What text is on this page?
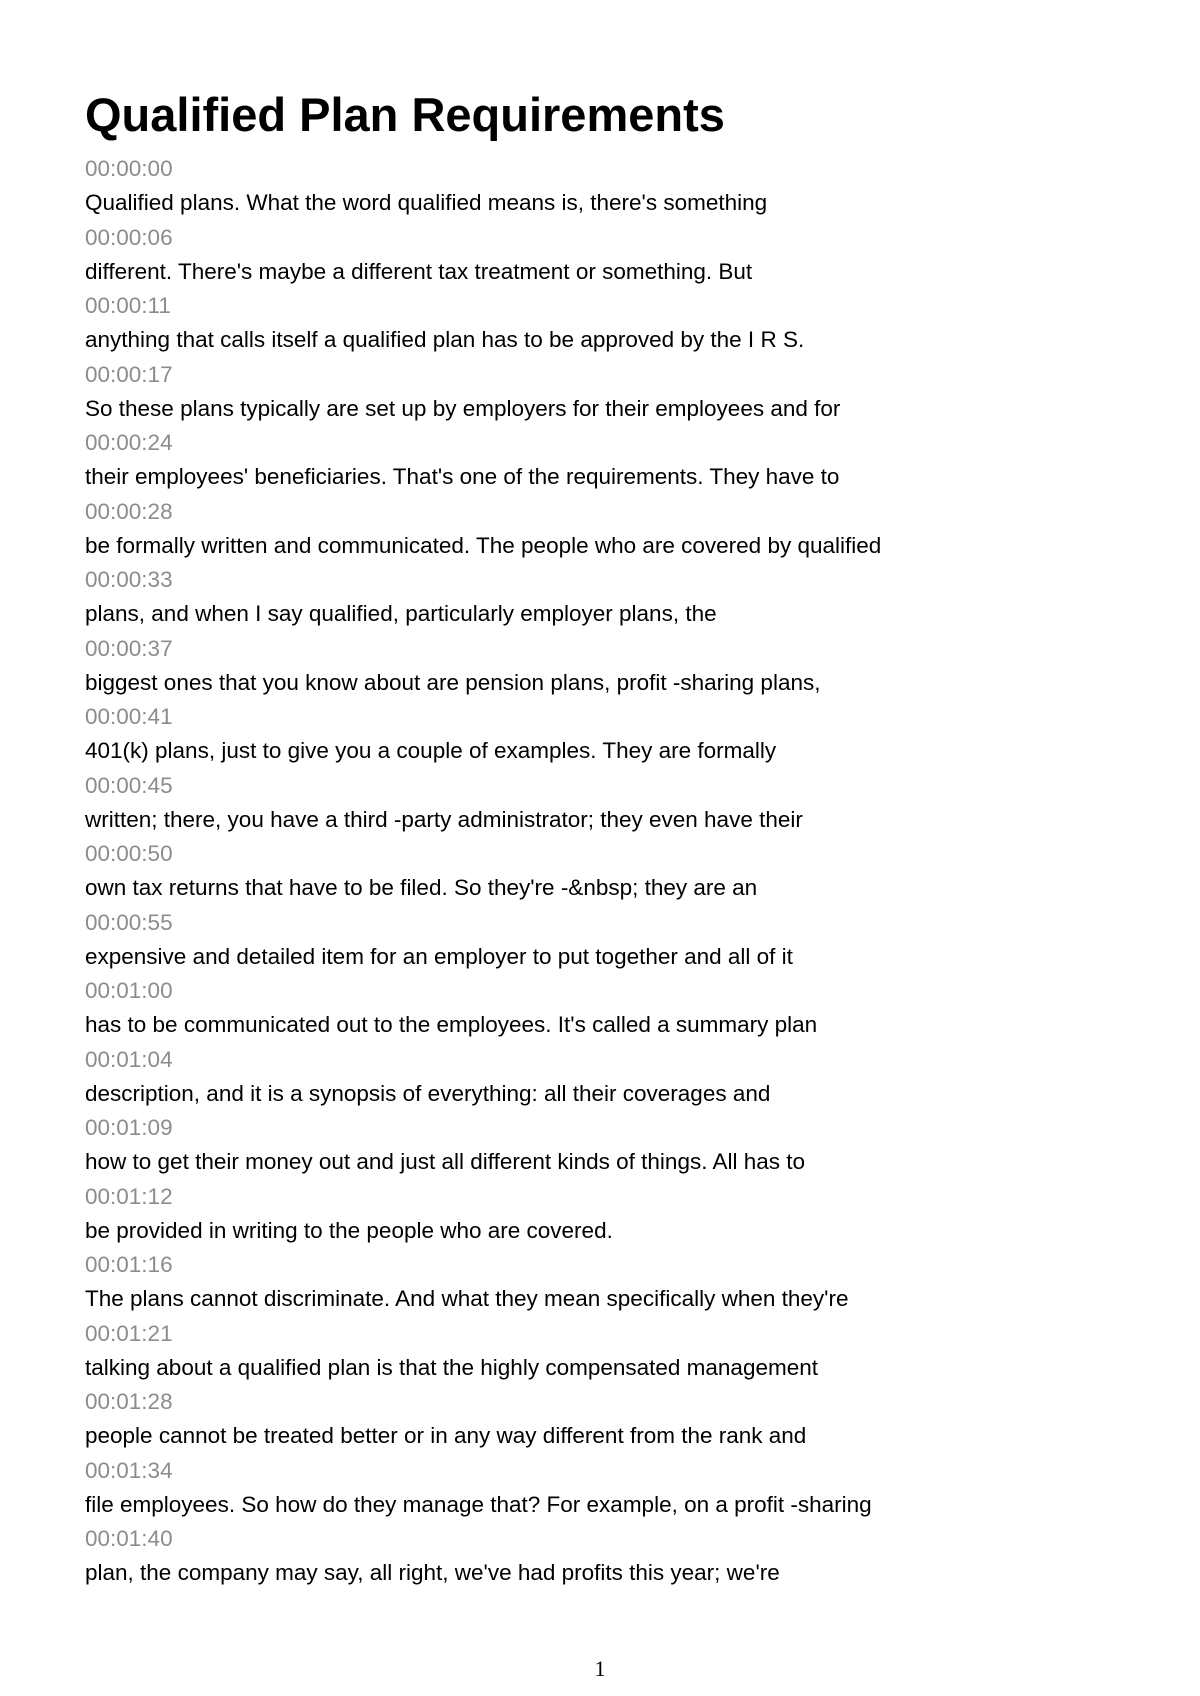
Qualified Plan Requirements
00:00:00
Qualified plans. What the word qualified means is, there's something
00:00:06
different. There's maybe a different tax treatment or something. But
00:00:11
anything that calls itself a qualified plan has to be approved by the I R S.
00:00:17
So these plans typically are set up by employers for their employees and for
00:00:24
their employees' beneficiaries. That's one of the requirements. They have to
00:00:28
be formally written and communicated. The people who are covered by qualified
00:00:33
plans, and when I say qualified, particularly employer plans, the
00:00:37
biggest ones that you know about are pension plans, profit -sharing plans,
00:00:41
401(k) plans, just to give you a couple of examples. They are formally
00:00:45
written; there, you have a third -party administrator; they even have their
00:00:50
own tax returns that have to be filed. So they're -&nbsp; they are an
00:00:55
expensive and detailed item for an employer to put together and all of it
00:01:00
has to be communicated out to the employees. It's called a summary plan
00:01:04
description, and it is a synopsis of everything: all their coverages and
00:01:09
how to get their money out and just all different kinds of things. All has to
00:01:12
be provided in writing to the people who are covered.
00:01:16
The plans cannot discriminate. And what they mean specifically when they're
00:01:21
talking about a qualified plan is that the highly compensated management
00:01:28
people cannot be treated better or in any way different from the rank and
00:01:34
file employees. So how do they manage that? For example, on a profit -sharing
00:01:40
plan, the company may say, all right, we've had profits this year; we're
1
